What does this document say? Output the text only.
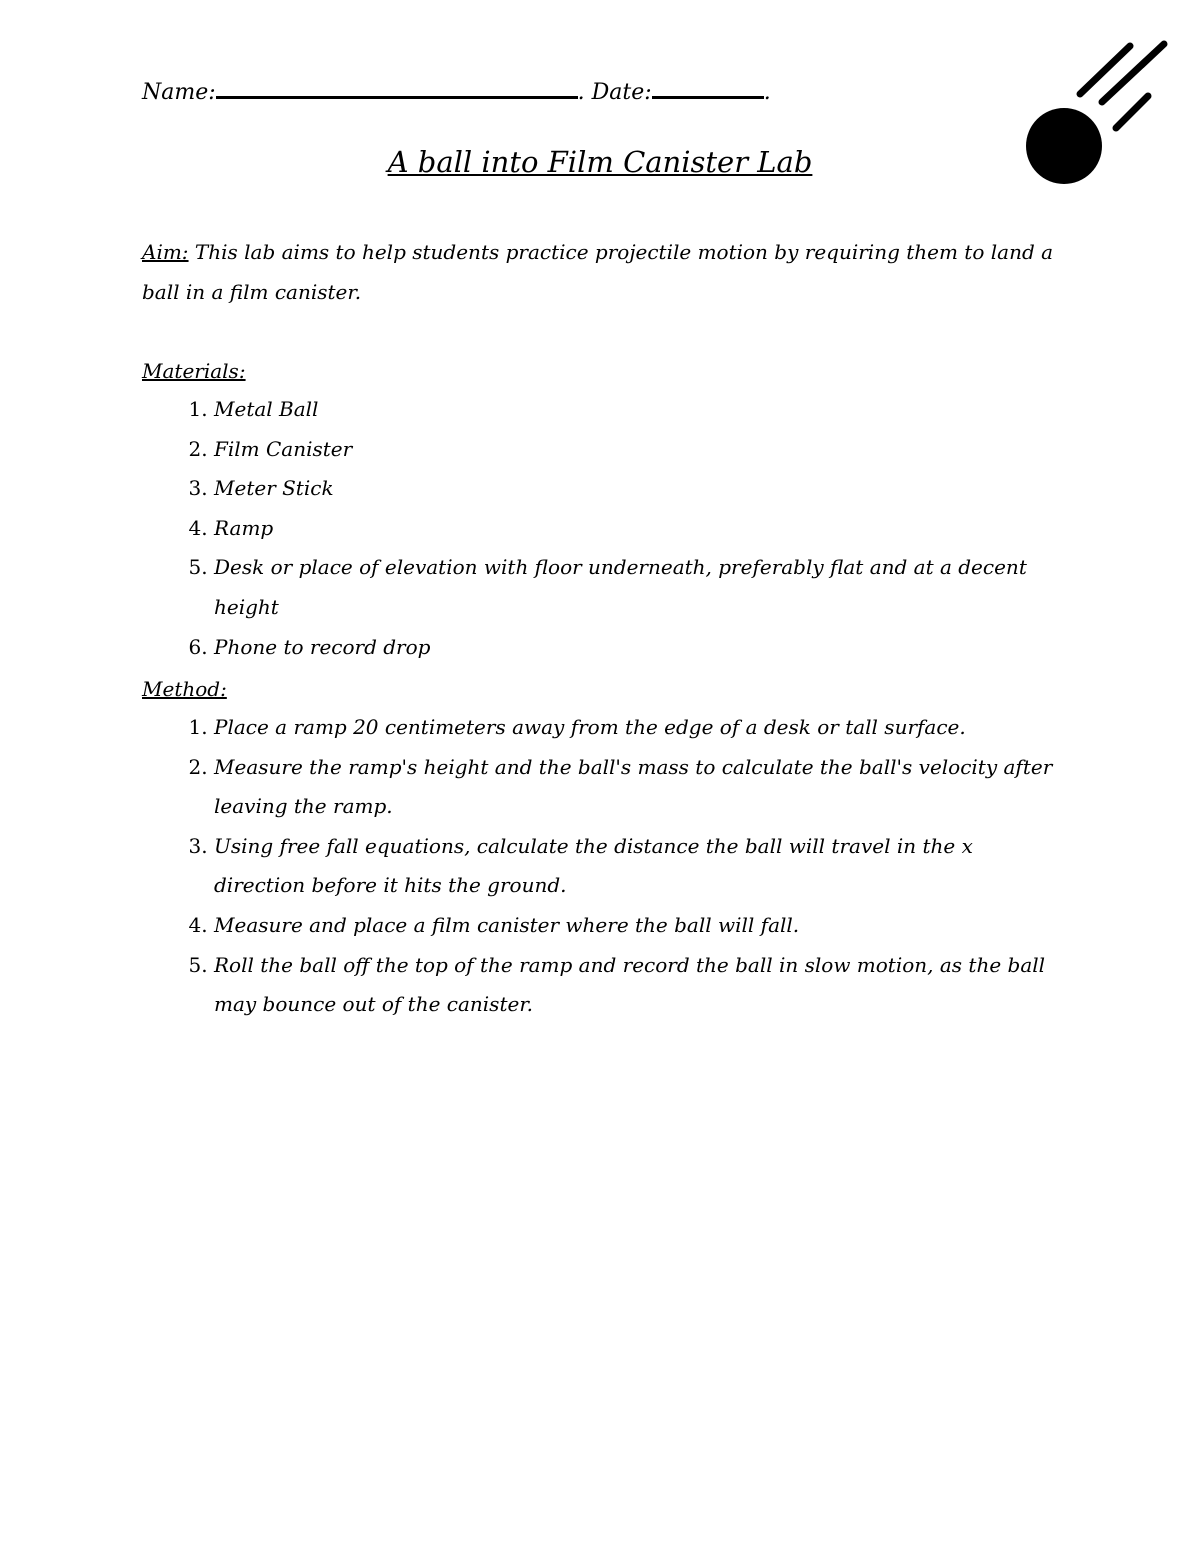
Name:	. Date:	.
A ball into Film Canister Lab
Aim: This lab aims to help students practice projectile motion by requiring them to land a ball in a film canister.
Materials:
1. Metal Ball
2. Film Canister
3. Meter Stick
4. Ramp
5. Desk or place of elevation with floor underneath, preferably flat and at a decent height
6. Phone to record drop
Method:
1. Place a ramp 20 centimeters away from the edge of a desk or tall surface.
2. Measure the ramp's height and the ball's mass to calculate the ball's velocity after leaving the ramp.
3. Using free fall equations, calculate the distance the ball will travel in the x direction before it hits the ground.
4. Measure and place a film canister where the ball will fall.
5. Roll the ball off the top of the ramp and record the ball in slow motion, as the ball may bounce out of the canister.
